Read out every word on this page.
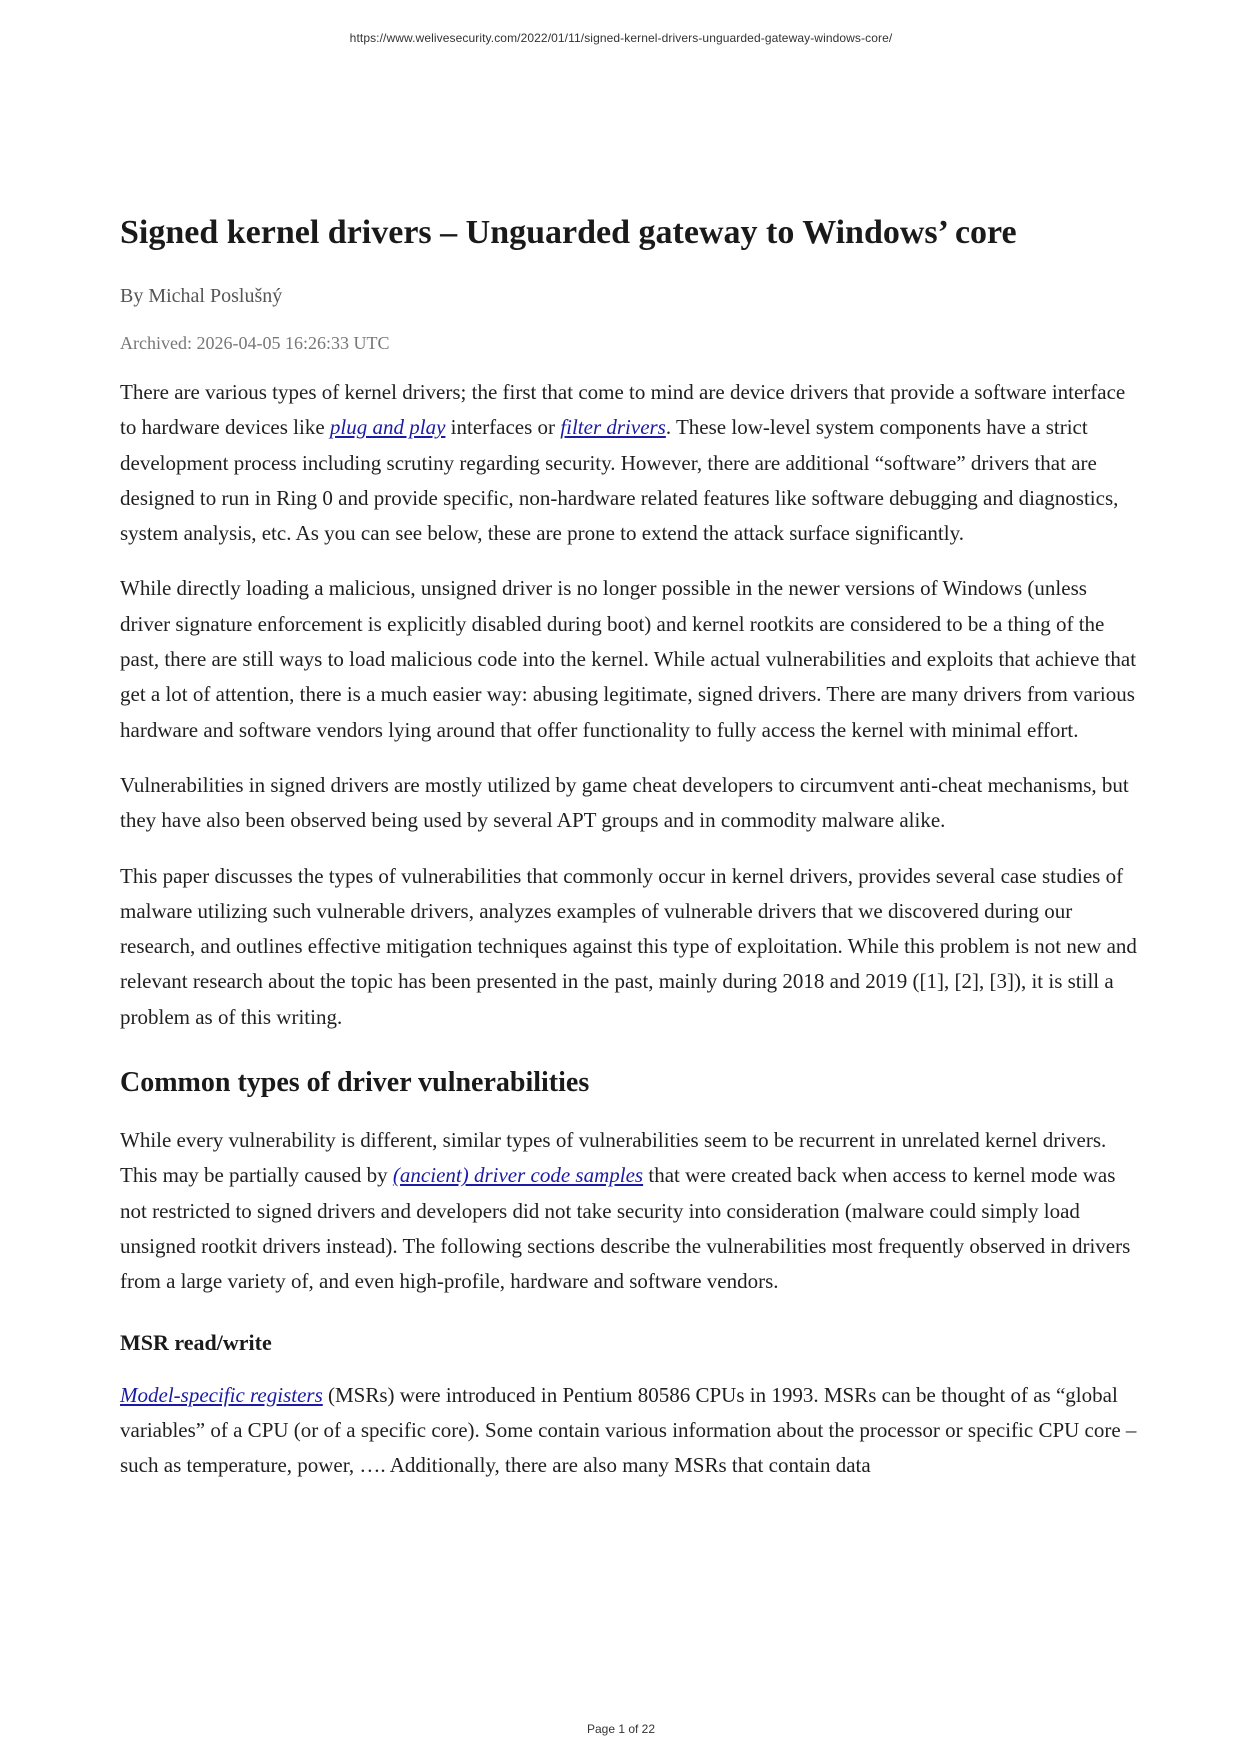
https://www.welivesecurity.com/2022/01/11/signed-kernel-drivers-unguarded-gateway-windows-core/
Signed kernel drivers – Unguarded gateway to Windows’ core
By Michal Poslušný
Archived: 2026-04-05 16:26:33 UTC

There are various types of kernel drivers; the first that come to mind are device drivers that provide a software interface to hardware devices like plug and play interfaces or filter drivers. These low-level system components have a strict development process including scrutiny regarding security. However, there are additional “software” drivers that are designed to run in Ring 0 and provide specific, non-hardware related features like software debugging and diagnostics, system analysis, etc. As you can see below, these are prone to extend the attack surface significantly.

While directly loading a malicious, unsigned driver is no longer possible in the newer versions of Windows (unless driver signature enforcement is explicitly disabled during boot) and kernel rootkits are considered to be a thing of the past, there are still ways to load malicious code into the kernel. While actual vulnerabilities and exploits that achieve that get a lot of attention, there is a much easier way: abusing legitimate, signed drivers. There are many drivers from various hardware and software vendors lying around that offer functionality to fully access the kernel with minimal effort.

Vulnerabilities in signed drivers are mostly utilized by game cheat developers to circumvent anti-cheat mechanisms, but they have also been observed being used by several APT groups and in commodity malware alike.

This paper discusses the types of vulnerabilities that commonly occur in kernel drivers, provides several case studies of malware utilizing such vulnerable drivers, analyzes examples of vulnerable drivers that we discovered during our research, and outlines effective mitigation techniques against this type of exploitation. While this problem is not new and relevant research about the topic has been presented in the past, mainly during 2018 and 2019 ([1], [2], [3]), it is still a problem as of this writing.

Common types of driver vulnerabilities

While every vulnerability is different, similar types of vulnerabilities seem to be recurrent in unrelated kernel drivers. This may be partially caused by (ancient) driver code samples that were created back when access to kernel mode was not restricted to signed drivers and developers did not take security into consideration (malware could simply load unsigned rootkit drivers instead). The following sections describe the vulnerabilities most frequently observed in drivers from a large variety of, and even high-profile, hardware and software vendors.

MSR read/write

Model-specific registers (MSRs) were introduced in Pentium 80586 CPUs in 1993. MSRs can be thought of as “global variables” of a CPU (or of a specific core). Some contain various information about the processor or specific CPU core – such as temperature, power, …. Additionally, there are also many MSRs that contain data

Page 1 of 22
